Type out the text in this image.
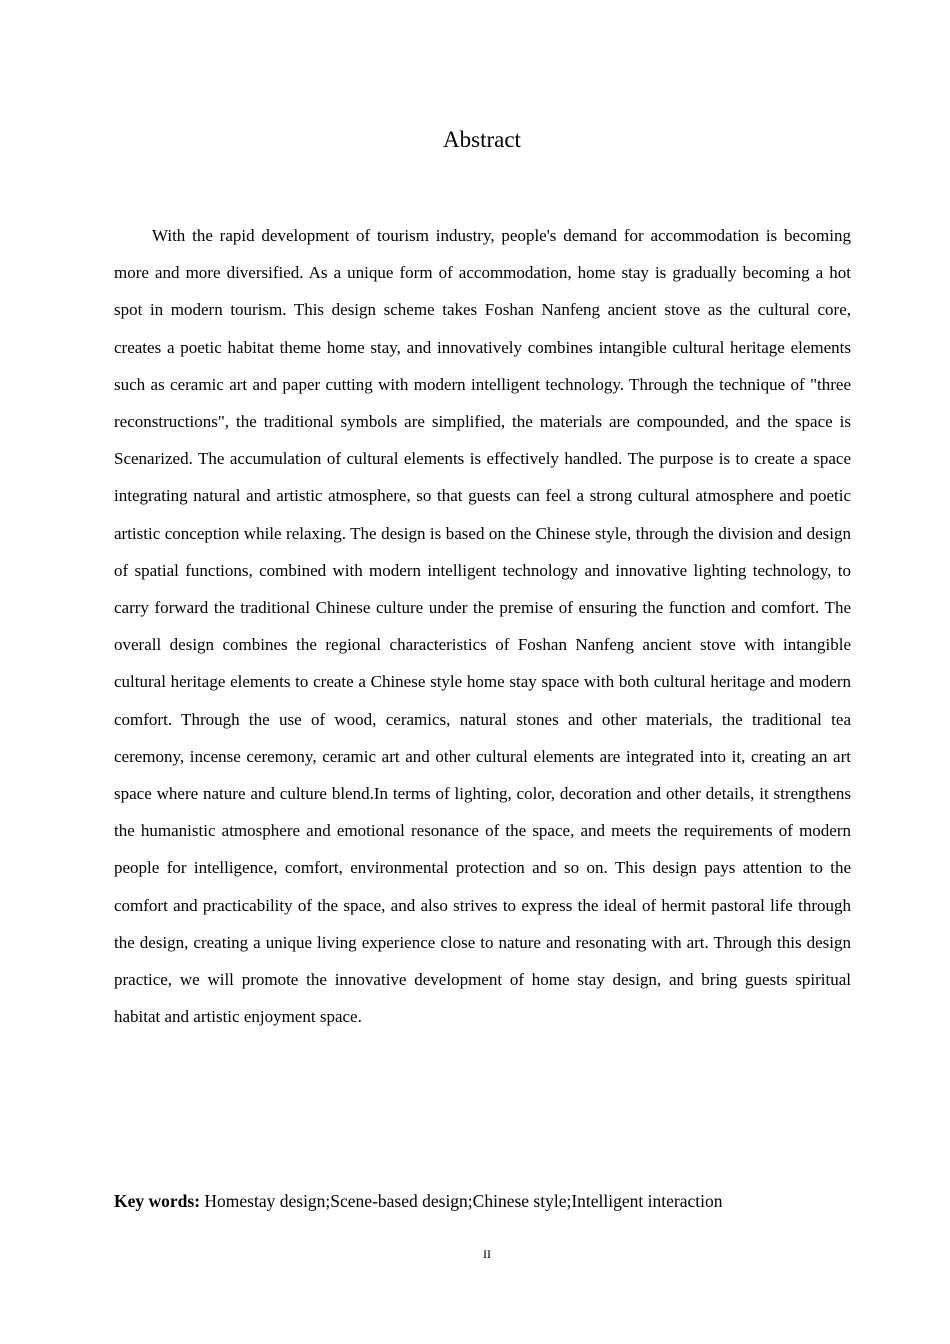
Abstract

With the rapid development of tourism industry, people's demand for accommodation is becoming more and more diversified. As a unique form of accommodation, home stay is gradually becoming a hot spot in modern tourism. This design scheme takes Foshan Nanfeng ancient stove as the cultural core, creates a poetic habitat theme home stay, and innovatively combines intangible cultural heritage elements such as ceramic art and paper cutting with modern intelligent technology. Through the technique of "three reconstructions", the traditional symbols are simplified, the materials are compounded, and the space is Scenarized. The accumulation of cultural elements is effectively handled. The purpose is to create a space integrating natural and artistic atmosphere, so that guests can feel a strong cultural atmosphere and poetic artistic conception while relaxing. The design is based on the Chinese style, through the division and design of spatial functions, combined with modern intelligent technology and innovative lighting technology, to carry forward the traditional Chinese culture under the premise of ensuring the function and comfort. The overall design combines the regional characteristics of Foshan Nanfeng ancient stove with intangible cultural heritage elements to create a Chinese style home stay space with both cultural heritage and modern comfort. Through the use of wood, ceramics, natural stones and other materials, the traditional tea ceremony, incense ceremony, ceramic art and other cultural elements are integrated into it, creating an art space where nature and culture blend.In terms of lighting, color, decoration and other details, it strengthens the humanistic atmosphere and emotional resonance of the space, and meets the requirements of modern people for intelligence, comfort, environmental protection and so on. This design pays attention to the comfort and practicability of the space, and also strives to express the ideal of hermit pastoral life through the design, creating a unique living experience close to nature and resonating with art. Through this design practice, we will promote the innovative development of home stay design, and bring guests spiritual habitat and artistic enjoyment space.

Key words: Homestay design;Scene-based design;Chinese style;Intelligent interaction

II
